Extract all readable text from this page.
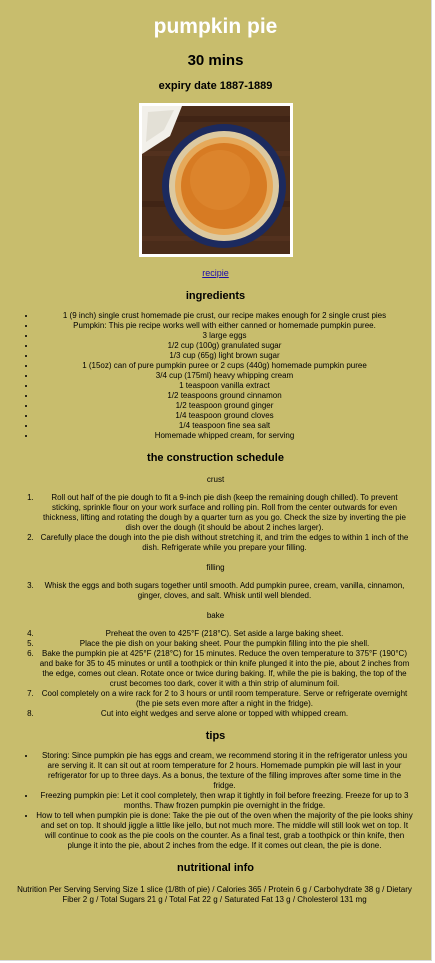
pumpkin pie
30 mins
expiry date 1887-1889
recipie
ingredients
• 1 (9 inch) single crust homemade pie crust, our recipe makes enough for 2 single crust pies
• Pumpkin: This pie recipe works well with either canned or homemade pumpkin puree.
• 3 large eggs
• 1/2 cup (100g) granulated sugar
• 1/3 cup (65g) light brown sugar
• 1 (15oz) can of pure pumpkin puree or 2 cups (440g) homemade pumpkin puree
• 3/4 cup (175ml) heavy whipping cream
• 1 teaspoon vanilla extract
• 1/2 teaspoons ground cinnamon
• 1/2 teaspoon ground ginger
• 1/4 teaspoon ground cloves
• 1/4 teaspoon fine sea salt
• Homemade whipped cream, for serving
the construction schedule
crust
1. Roll out half of the pie dough to fit a 9-inch pie dish (keep the remaining dough chilled). To prevent sticking, sprinkle flour on your work surface and rolling pin. Roll from the center outwards for even thickness, lifting and rotating the dough by a quarter turn as you go. Check the size by inverting the pie dish over the dough (it should be about 2 inches larger).
2. Carefully place the dough into the pie dish without stretching it, and trim the edges to within 1 inch of the dish. Refrigerate while you prepare your filling.
filling
3. Whisk the eggs and both sugars together until smooth. Add pumpkin puree, cream, vanilla, cinnamon, ginger, cloves, and salt. Whisk until well blended.
bake
4. Preheat the oven to 425°F (218°C). Set aside a large baking sheet.
5. Place the pie dish on your baking sheet. Pour the pumpkin filling into the pie shell.
6. Bake the pumpkin pie at 425°F (218°C) for 15 minutes. Reduce the oven temperature to 375°F (190°C) and bake for 35 to 45 minutes or until a toothpick or thin knife plunged it into the pie, about 2 inches from the edge, comes out clean. Rotate once or twice during baking. If, while the pie is baking, the top of the crust becomes too dark, cover it with a thin strip of aluminum foil.
7. Cool completely on a wire rack for 2 to 3 hours or until room temperature. Serve or refrigerate overnight (the pie sets even more after a night in the fridge).
8. Cut into eight wedges and serve alone or topped with whipped cream.
tips
• Storing: Since pumpkin pie has eggs and cream, we recommend storing it in the refrigerator unless you are serving it. It can sit out at room temperature for 2 hours. Homemade pumpkin pie will last in your refrigerator for up to three days. As a bonus, the texture of the filling improves after some time in the fridge.
• Freezing pumpkin pie: Let it cool completely, then wrap it tightly in foil before freezing. Freeze for up to 3 months. Thaw frozen pumpkin pie overnight in the fridge.
• How to tell when pumpkin pie is done: Take the pie out of the oven when the majority of the pie looks shiny and set on top. It should jiggle a little like jello, but not much more. The middle will still look wet on top. It will continue to cook as the pie cools on the counter. As a final test, grab a toothpick or thin knife, then plunge it into the pie, about 2 inches from the edge. If it comes out clean, the pie is done.
nutritional info
Nutrition Per Serving Serving Size 1 slice (1/8th of pie) / Calories 365 / Protein 6 g / Carbohydrate 38 g / Dietary Fiber 2 g / Total Sugars 21 g / Total Fat 22 g / Saturated Fat 13 g / Cholesterol 131 mg
